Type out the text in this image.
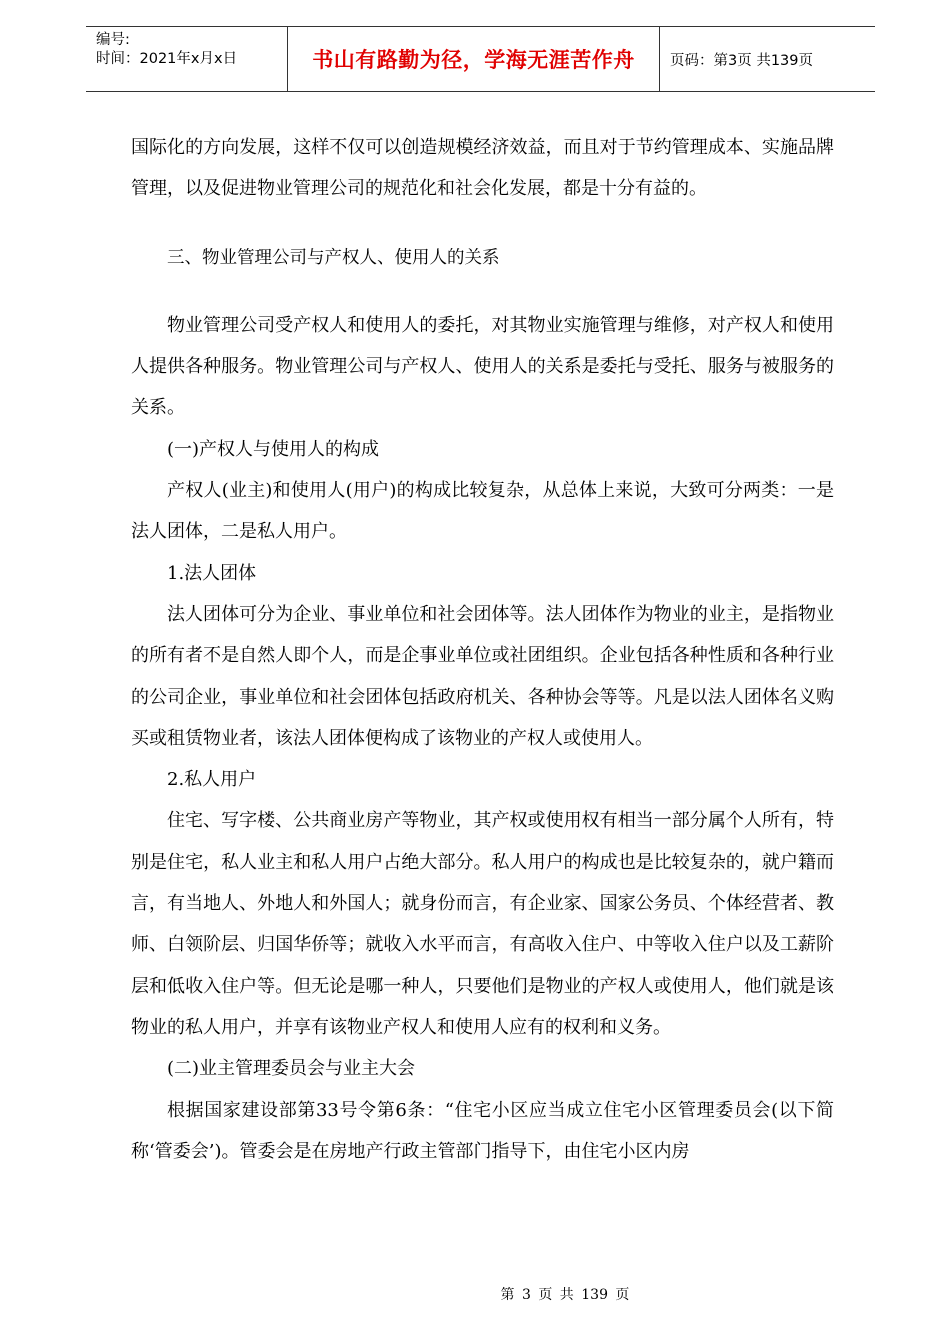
编号:
时间：2021年x月x日	书山有路勤为径，学海无涯苦作舟	页码：第3页 共139页

国际化的方向发展，这样不仅可以创造规模经济效益，而且对于节约管理成本、实施品牌管理，以及促进物业管理公司的规范化和社会化发展，都是十分有益的。

三、物业管理公司与产权人、使用人的关系

物业管理公司受产权人和使用人的委托，对其物业实施管理与维修，对产权人和使用人提供各种服务。物业管理公司与产权人、使用人的关系是委托与受托、服务与被服务的关系。

(一)产权人与使用人的构成

产权人(业主)和使用人(用户)的构成比较复杂，从总体上来说，大致可分两类：一是法人团体，二是私人用户。

1.法人团体

法人团体可分为企业、事业单位和社会团体等。法人团体作为物业的业主，是指物业的所有者不是自然人即个人，而是企事业单位或社团组织。企业包括各种性质和各种行业的公司企业，事业单位和社会团体包括政府机关、各种协会等等。凡是以法人团体名义购买或租赁物业者，该法人团体便构成了该物业的产权人或使用人。

2.私人用户

住宅、写字楼、公共商业房产等物业，其产权或使用权有相当一部分属个人所有，特别是住宅，私人业主和私人用户占绝大部分。私人用户的构成也是比较复杂的，就户籍而言，有当地人、外地人和外国人；就身份而言，有企业家、国家公务员、个体经营者、教师、白领阶层、归国华侨等；就收入水平而言，有高收入住户、中等收入住户以及工薪阶层和低收入住户等。但无论是哪一种人，只要他们是物业的产权人或使用人，他们就是该物业的私人用户，并享有该物业产权人和使用人应有的权利和义务。

(二)业主管理委员会与业主大会

根据国家建设部第33号令第6条：“住宅小区应当成立住宅小区管理委员会(以下简称‘管委会’)。管委会是在房地产行政主管部门指导下，由住宅小区内房

第 3 页 共 139 页
